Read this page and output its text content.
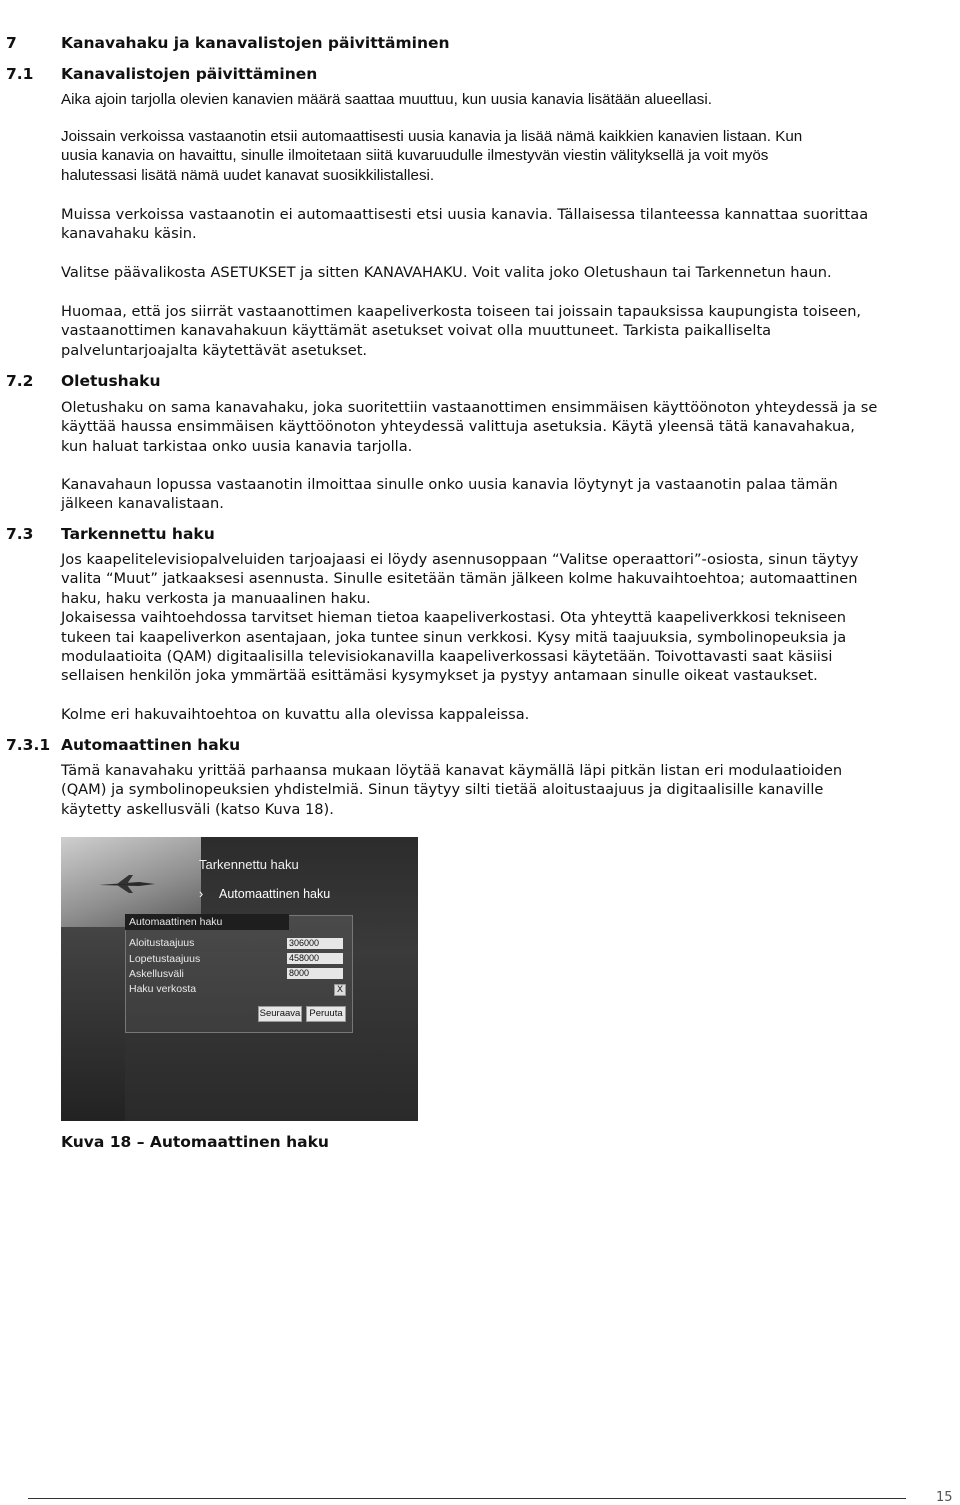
7	Kanavahaku ja kanavalistojen päivittäminen
7.1 Kanavalistojen päivittäminen
Aika ajoin tarjolla olevien kanavien määrä saattaa muuttuu, kun uusia kanavia lisätään alueellasi.
Joissain verkoissa vastaanotin etsii automaattisesti uusia kanavia ja lisää nämä kaikkien kanavien listaan. Kun
uusia kanavia on havaittu, sinulle ilmoitetaan siitä kuvaruudulle ilmestyvän viestin välityksellä ja voit myös
halutessasi lisätä nämä uudet kanavat suosikkilistallesi.
Muissa verkoissa vastaanotin ei automaattisesti etsi uusia kanavia. Tällaisessa tilanteessa kannattaa suorittaa
kanavahaku käsin.
Valitse päävalikosta ASETUKSET ja sitten KANAVAHAKU. Voit valita joko Oletushaun tai Tarkennetun haun.
Huomaa, että jos siirrät vastaanottimen kaapeliverkosta toiseen tai joissain tapauksissa kaupungista toiseen,
vastaanottimen kanavahakuun käyttämät asetukset voivat olla muuttuneet. Tarkista paikalliselta
palveluntarjoajalta käytettävät asetukset.
7.2 Oletushaku
Oletushaku on sama kanavahaku, joka suoritettiin vastaanottimen ensimmäisen käyttöönoton yhteydessä ja se
käyttää haussa ensimmäisen käyttöönoton yhteydessä valittuja asetuksia. Käytä yleensä tätä kanavahakua,
kun haluat tarkistaa onko uusia kanavia tarjolla.
Kanavahaun lopussa vastaanotin ilmoittaa sinulle onko uusia kanavia löytynyt ja vastaanotin palaa tämän
jälkeen kanavalistaan.
7.3 Tarkennettu haku
Jos kaapelitelevisiopalveluiden tarjoajaasi ei löydy asennusoppaan “Valitse operaattori”-osiosta, sinun täytyy
valita “Muut” jatkaaksesi asennusta. Sinulle esitetään tämän jälkeen kolme hakuvaihtoehtoa; automaattinen
haku, haku verkosta ja manuaalinen haku.
Jokaisessa vaihtoehdossa tarvitset hieman tietoa kaapeliverkostasi. Ota yhteyttä kaapeliverkkosi tekniseen
tukeen tai kaapeliverkon asentajaan, joka tuntee sinun verkkosi. Kysy mitä taajuuksia, symbolinopeuksia ja
modulaatioita (QAM) digitaalisilla televisiokanavilla kaapeliverkossasi käytetään. Toivottavasti saat käsiisi
sellaisen henkilön joka ymmärtää esittämäsi kysymykset ja pystyy antamaan sinulle oikeat vastaukset.
Kolme eri hakuvaihtoehtoa on kuvattu alla olevissa kappaleissa.
7.3.1 Automaattinen haku
Tämä kanavahaku yrittää parhaansa mukaan löytää kanavat käymällä läpi pitkän listan eri modulaatioiden
(QAM) ja symbolinopeuksien yhdistelmiä. Sinun täytyy silti tietää aloitustaajuus ja digitaalisille kanaville
käytetty askellusväli (katso Kuva 18).
Tarkennettu haku
› Automaattinen haku
Automaattinen haku
Aloitustaajuus	306000
Lopetustaajuus	458000
Askellusväli	8000
Haku verkosta	X
Seuraava Peruuta
Kuva 18 – Automaattinen haku
15
